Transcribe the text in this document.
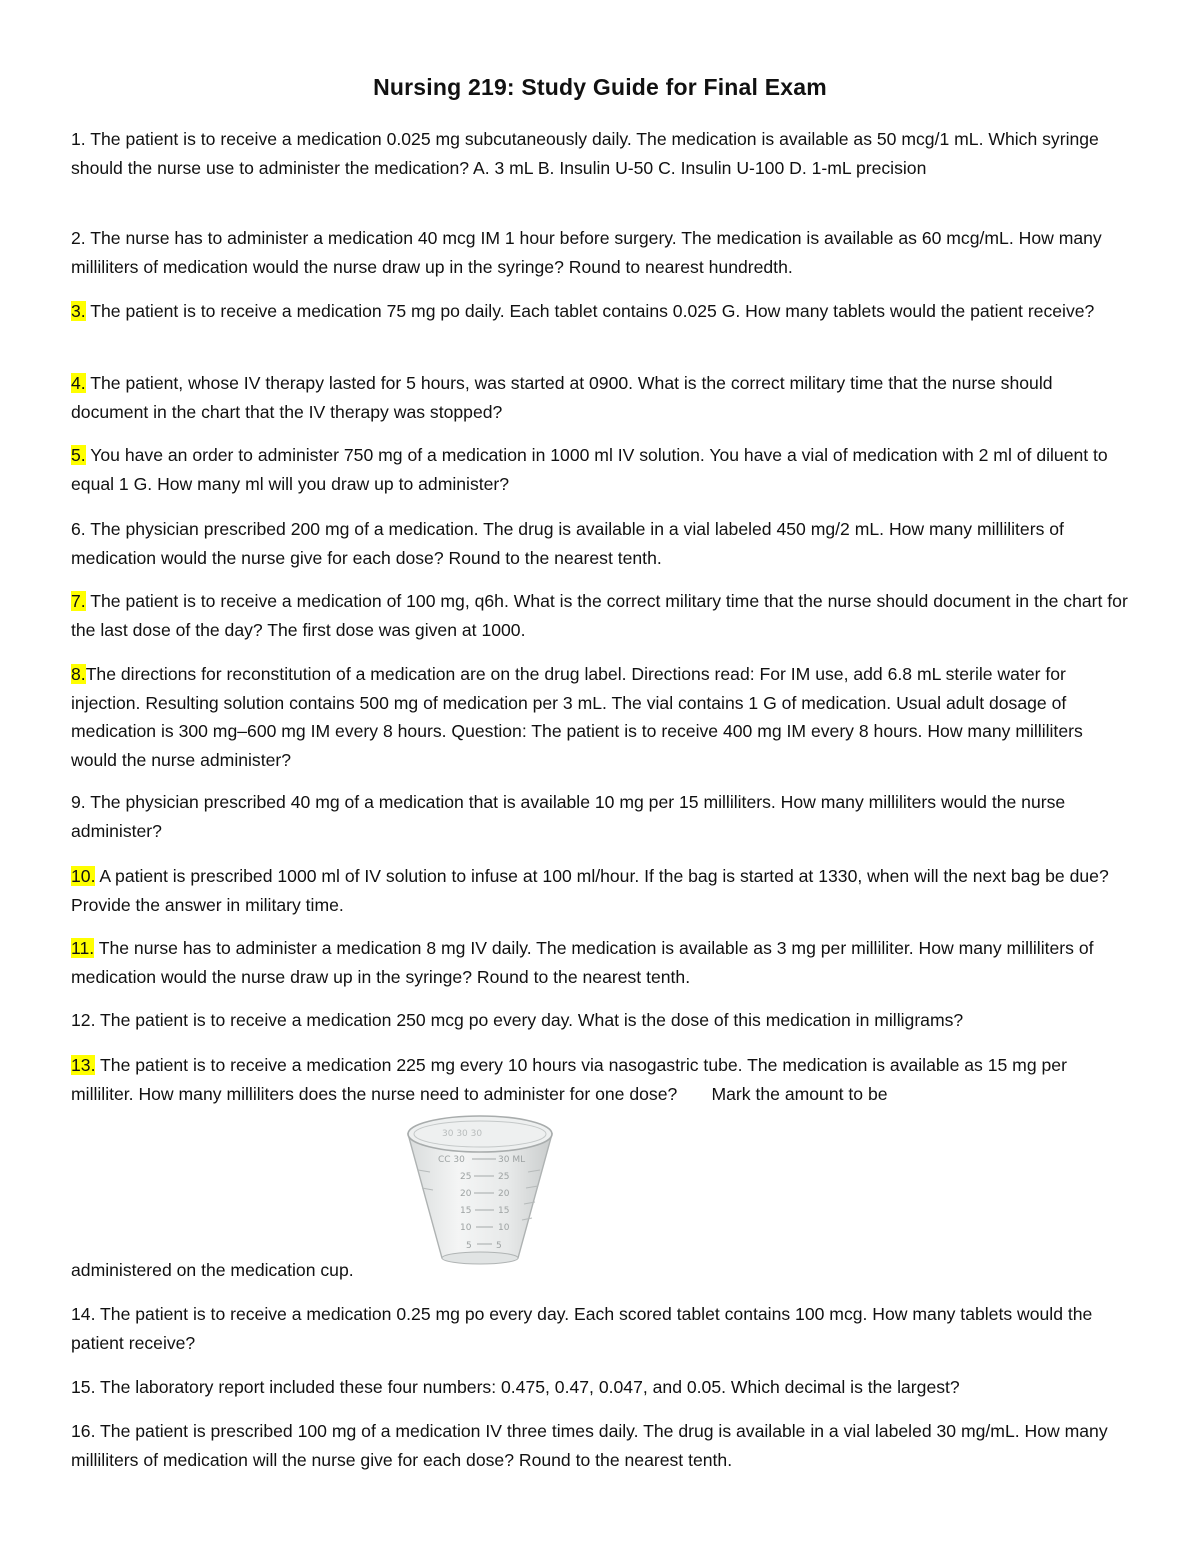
Nursing 219: Study Guide for Final Exam
1. The patient is to receive a medication 0.025 mg subcutaneously daily. The medication is available as 50 mcg/1 mL. Which syringe should the nurse use to administer the medication? A. 3 mL B. Insulin U-50 C. Insulin U-100 D. 1-mL precision
2. The nurse has to administer a medication 40 mcg IM 1 hour before surgery. The medication is available as 60 mcg/mL. How many milliliters of medication would the nurse draw up in the syringe? Round to nearest hundredth.
3. The patient is to receive a medication 75 mg po daily. Each tablet contains 0.025 G. How many tablets would the patient receive?
4. The patient, whose IV therapy lasted for 5 hours, was started at 0900. What is the correct military time that the nurse should document in the chart that the IV therapy was stopped?
5. You have an order to administer 750 mg of a medication in 1000 ml IV solution. You have a vial of medication with 2 ml of diluent to equal 1 G. How many ml will you draw up to administer?
6. The physician prescribed 200 mg of a medication. The drug is available in a vial labeled 450 mg/2 mL. How many milliliters of medication would the nurse give for each dose? Round to the nearest tenth.
7. The patient is to receive a medication of 100 mg, q6h. What is the correct military time that the nurse should document in the chart for the last dose of the day? The first dose was given at 1000.
8.The directions for reconstitution of a medication are on the drug label. Directions read: For IM use, add 6.8 mL sterile water for injection. Resulting solution contains 500 mg of medication per 3 mL. The vial contains 1 G of medication. Usual adult dosage of medication is 300 mg–600 mg IM every 8 hours. Question: The patient is to receive 400 mg IM every 8 hours. How many milliliters would the nurse administer?
9. The physician prescribed 40 mg of a medication that is available 10 mg per 15 milliliters. How many milliliters would the nurse administer?
10. A patient is prescribed 1000 ml of IV solution to infuse at 100 ml/hour. If the bag is started at 1330, when will the next bag be due? Provide the answer in military time.
11. The nurse has to administer a medication 8 mg IV daily. The medication is available as 3 mg per milliliter. How many milliliters of medication would the nurse draw up in the syringe? Round to the nearest tenth.
12. The patient is to receive a medication 250 mcg po every day. What is the dose of this medication in milligrams?
13. The patient is to receive a medication 225 mg every 10 hours via nasogastric tube. The medication is available as 15 mg per milliliter. How many milliliters does the nurse need to administer for one dose?       Mark the amount to be
30 30 30
CC 30
25
20
15
10
5
30 ML
25
20
15
10
5
administered on the medication cup.
14. The patient is to receive a medication 0.25 mg po every day. Each scored tablet contains 100 mcg. How many tablets would the patient receive?
15. The laboratory report included these four numbers: 0.475, 0.47, 0.047, and 0.05. Which decimal is the largest?
16. The patient is prescribed 100 mg of a medication IV three times daily. The drug is available in a vial labeled 30 mg/mL. How many milliliters of medication will the nurse give for each dose? Round to the nearest tenth.
